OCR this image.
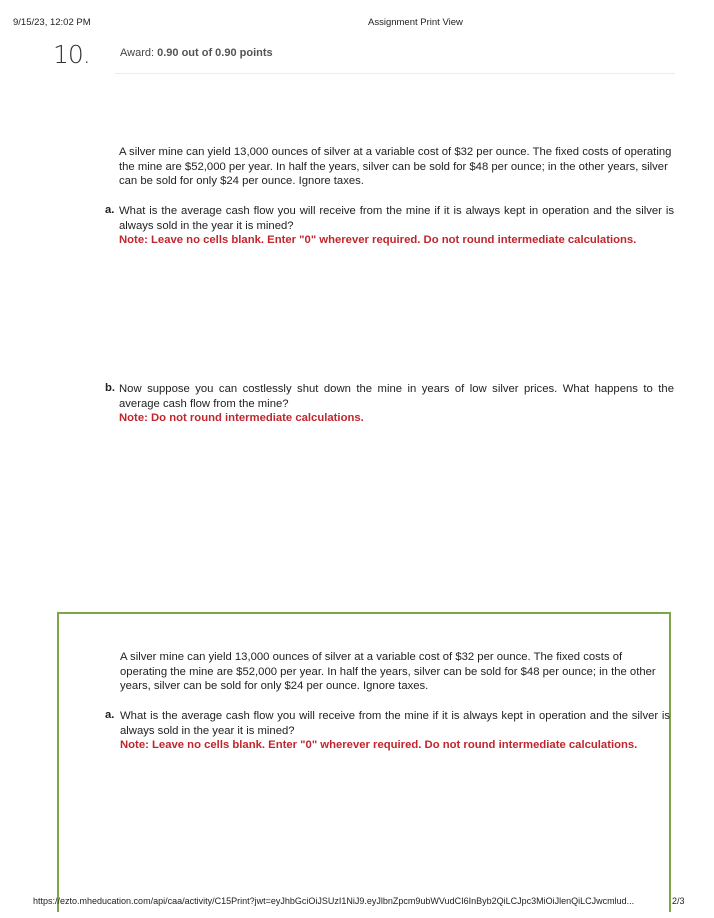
9/15/23, 12:02 PM	Assignment Print View
10.	Award: 0.90 out of 0.90 points
A silver mine can yield 13,000 ounces of silver at a variable cost of $32 per ounce. The fixed costs of operating the mine are $52,000 per year. In half the years, silver can be sold for $48 per ounce; in the other years, silver can be sold for only $24 per ounce. Ignore taxes.
a. What is the average cash flow you will receive from the mine if it is always kept in operation and the silver is always sold in the year it is mined?
Note: Leave no cells blank. Enter "0" wherever required. Do not round intermediate calculations.
b. Now suppose you can costlessly shut down the mine in years of low silver prices. What happens to the average cash flow from the mine?
Note: Do not round intermediate calculations.
A silver mine can yield 13,000 ounces of silver at a variable cost of $32 per ounce. The fixed costs of operating the mine are $52,000 per year. In half the years, silver can be sold for $48 per ounce; in the other years, silver can be sold for only $24 per ounce. Ignore taxes.
a. What is the average cash flow you will receive from the mine if it is always kept in operation and the silver is always sold in the year it is mined?
Note: Leave no cells blank. Enter "0" wherever required. Do not round intermediate calculations.
https://ezto.mheducation.com/api/caa/activity/C15Print?jwt=eyJhbGciOiJSUzI1NiJ9.eyJlbnZpcm9ubWVudCI6InByb2QiLCJpc3MiOiJlenQiLCJwcmlud...	2/3
